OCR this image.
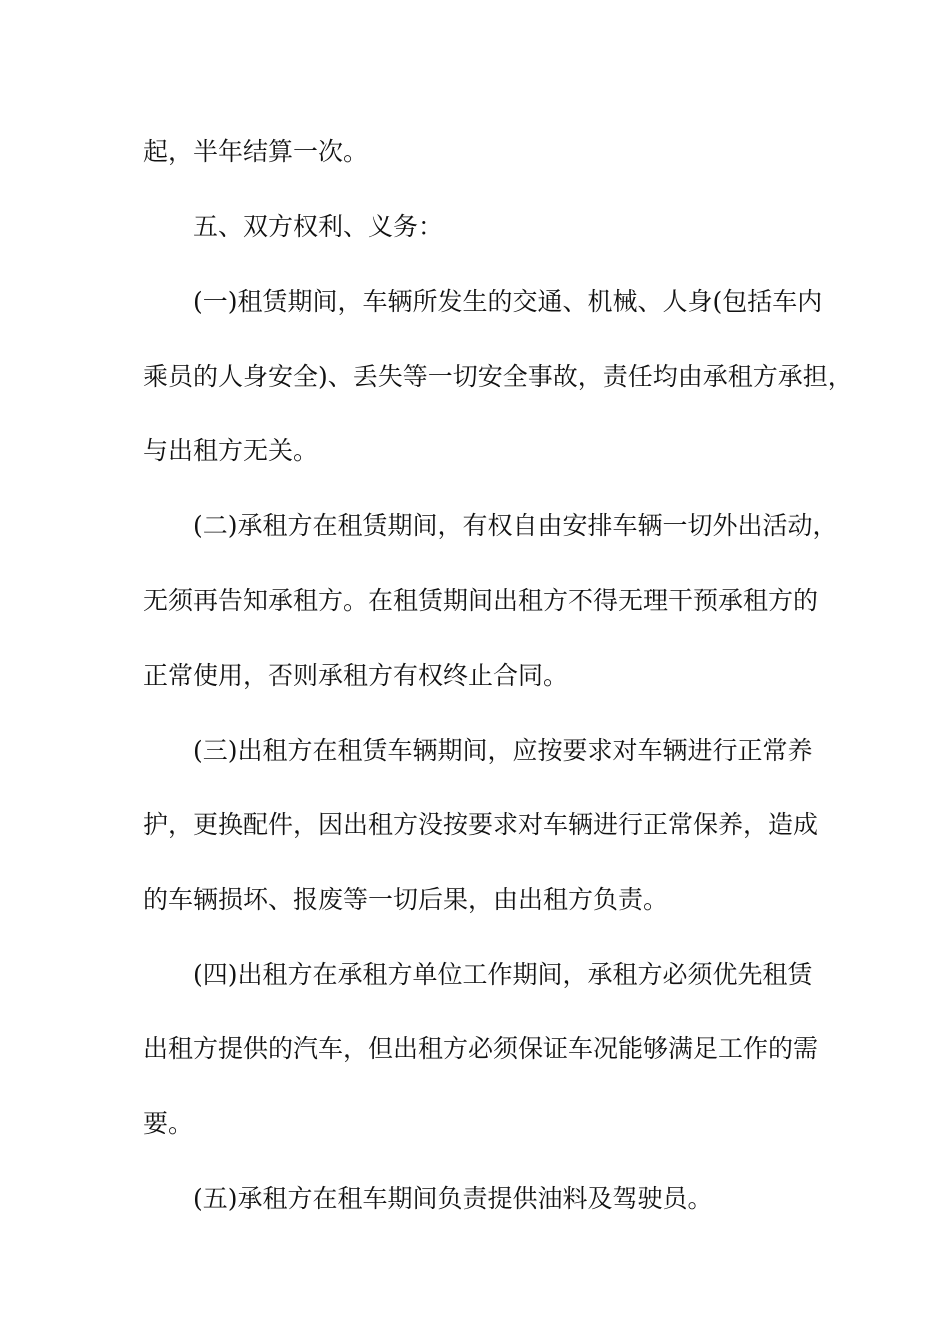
起，半年结算一次。
五、双方权利、义务：
(一)租赁期间，车辆所发生的交通、机械、人身(包括车内
乘员的人身安全)、丢失等一切安全事故，责任均由承租方承担，
与出租方无关。
(二)承租方在租赁期间，有权自由安排车辆一切外出活动，
无须再告知承租方。在租赁期间出租方不得无理干预承租方的
正常使用，否则承租方有权终止合同。
(三)出租方在租赁车辆期间，应按要求对车辆进行正常养
护，更换配件，因出租方没按要求对车辆进行正常保养，造成
的车辆损坏、报废等一切后果，由出租方负责。
(四)出租方在承租方单位工作期间，承租方必须优先租赁
出租方提供的汽车，但出租方必须保证车况能够满足工作的需
要。
(五)承租方在租车期间负责提供油料及驾驶员。
